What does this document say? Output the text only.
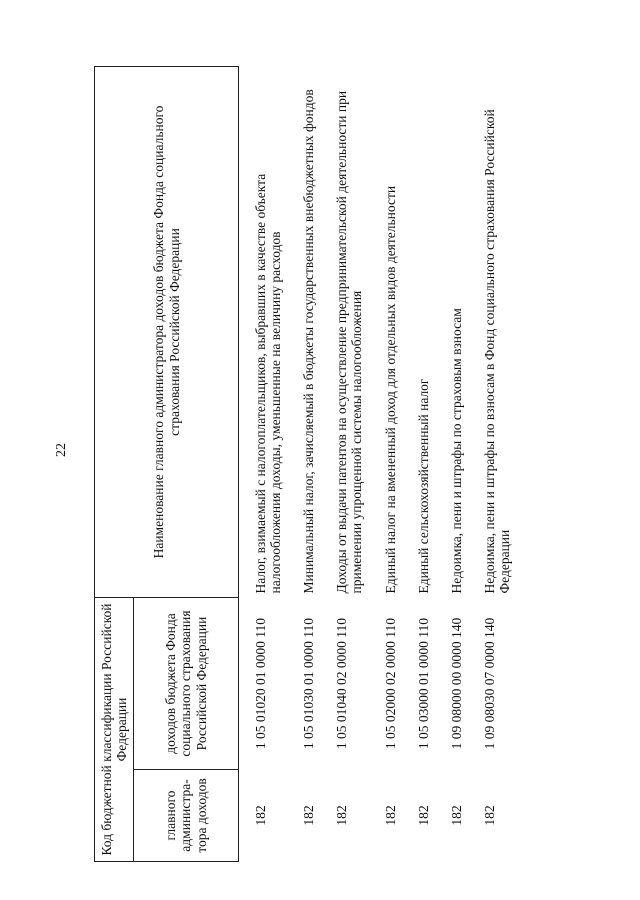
22
Код бюджетной классификации Российской Федерации		Наименование главного администратора доходов бюджета Фонда социального страхования Российской Федерации
главного администра-тора доходов	доходов бюджета Фонда социального страхования Российской Федерации	
182	1 05 01020 01 0000 110	Налог, взимаемый с налогоплательщиков, выбравших в качестве объекта налогообложения доходы, уменьшенные на величину расходов
182	1 05 01030 01 0000 110	Минимальный налог, зачисляемый в бюджеты государственных внебюджетных фондов
182	1 05 01040 02 0000 110	Доходы от выдачи патентов на осуществление предпринимательской деятельности при применении упрощенной системы налогообложения
182	1 05 02000 02 0000 110	Единый налог на вмененный доход для отдельных видов деятельности
182	1 05 03000 01 0000 110	Единый сельскохозяйственный налог
182	1 09 08000 00 0000 140	Недоимка, пени и штрафы по страховым взносам
182	1 09 08030 07 0000 140	Недоимка, пени и штрафы по взносам в Фонд социального страхования Российской Федерации
